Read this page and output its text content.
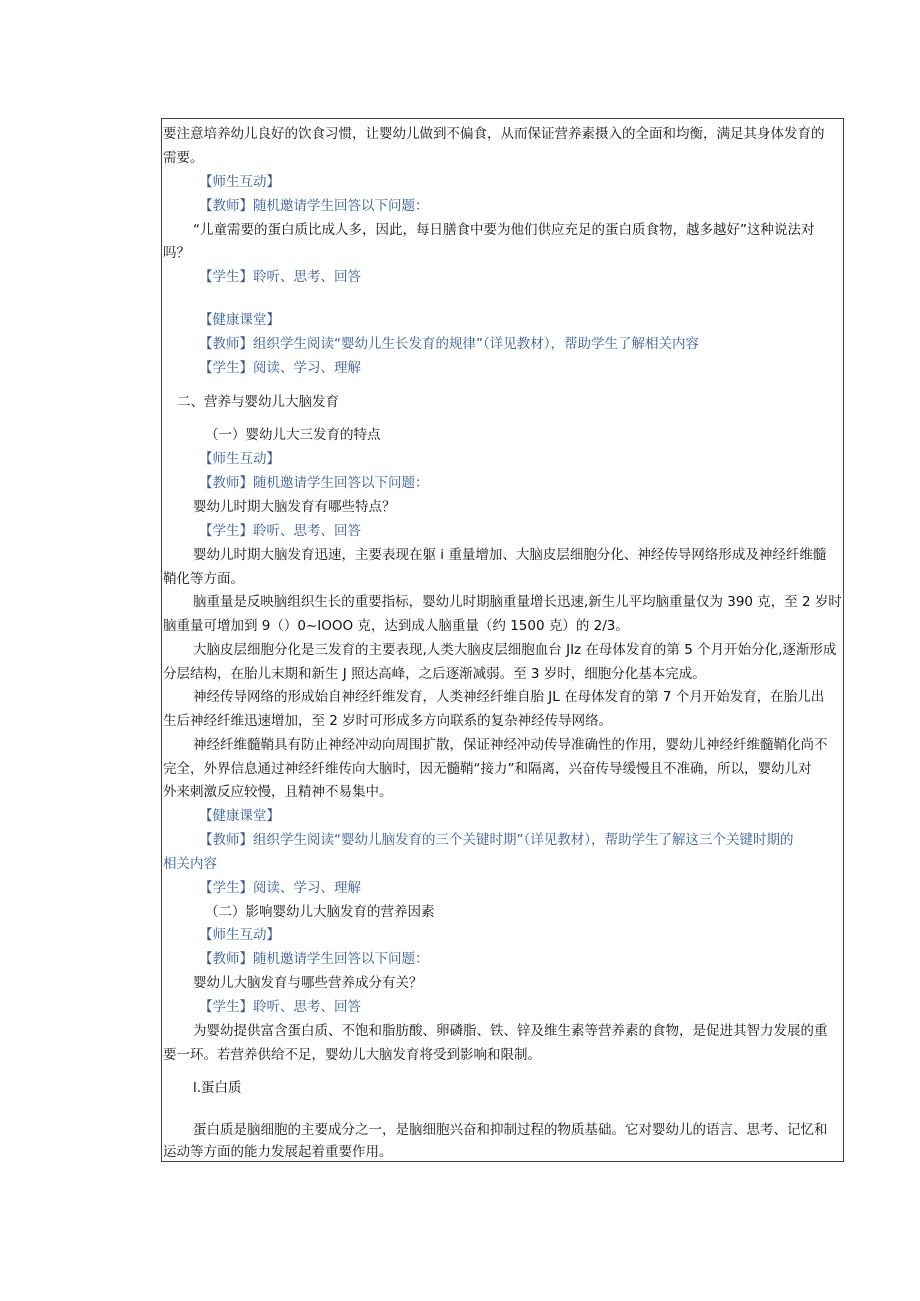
要注意培养幼儿良好的饮食习惯，让婴幼儿做到不偏食，从而保证营养素摄入的全面和均衡，满足其身体发育的
需要。
【师生互动】
【教师】随机邀请学生回答以下问题：
“儿童需要的蛋白质比成人多，因此，每日膳食中要为他们供应充足的蛋白质食物，越多越好”这种说法对
吗？
【学生】聆听、思考、回答
【健康课堂】
【教师】组织学生阅读“婴幼儿生长发育的规律”（详见教材），帮助学生了解相关内容
【学生】阅读、学习、理解
二、营养与婴幼儿大脑发育
（一）婴幼儿大三发育的特点
【师生互动】
【教师】随机邀请学生回答以下问题：
婴幼儿时期大脑发育有哪些特点？
【学生】聆听、思考、回答
婴幼儿时期大脑发育迅速，主要表现在躯 i 重量增加、大脑皮层细胞分化、神经传导网络形成及神经纤维髓
鞘化等方面。
脑重量是反映脑组织生长的重要指标，婴幼儿时期脑重量增长迅速,新生儿平均脑重量仅为 390 克，至 2 岁时
脑重量可增加到 9（）0~IOOO 克，达到成人脑重量（约 1500 克）的 2/3。
大脑皮层细胞分化是三发育的主要表现,人类大脑皮层细胞血台 JIz 在母体发育的第 5 个月开始分化,逐渐形成
分层结构，在胎儿末期和新生 J 照达高峰，之后逐渐减弱。至 3 岁时，细胞分化基本完成。
神经传导网络的形成始自神经纤维发育，人类神经纤维自胎 JL 在母体发育的第 7 个月开始发育，在胎儿出
生后神经纤维迅速增加，至 2 岁时可形成多方向联系的复杂神经传导网络。
神经纤维髓鞘具有防止神经冲动向周围扩散，保证神经冲动传导准确性的作用，婴幼儿神经纤维髓鞘化尚不
完全，外界信息通过神经纤维传向大脑时，因无髓鞘“接力”和隔离，兴奋传导缓慢且不准确，所以，婴幼儿对
外来刺激反应较慢，且精神不易集中。
【健康课堂】
【教师】组织学生阅读“婴幼儿脑发育的三个关键时期”（详见教材），帮助学生了解这三个关键时期的
相关内容
【学生】阅读、学习、理解
（二）影响婴幼儿大脑发育的营养因素
【师生互动】
【教师】随机邀请学生回答以下问题：
婴幼儿大脑发育与哪些营养成分有关？
【学生】聆听、思考、回答
为婴幼提供富含蛋白质、不饱和脂肪酸、卵磷脂、铁、锌及维生素等营养素的食物，是促进其智力发展的重
要一环。若营养供给不足，婴幼儿大脑发育将受到影响和限制。
l.蛋白质
蛋白质是脑细胞的主要成分之一，是脑细胞兴奋和抑制过程的物质基础。它对婴幼儿的语言、思考、记忆和
运动等方面的能力发展起着重要作用。
